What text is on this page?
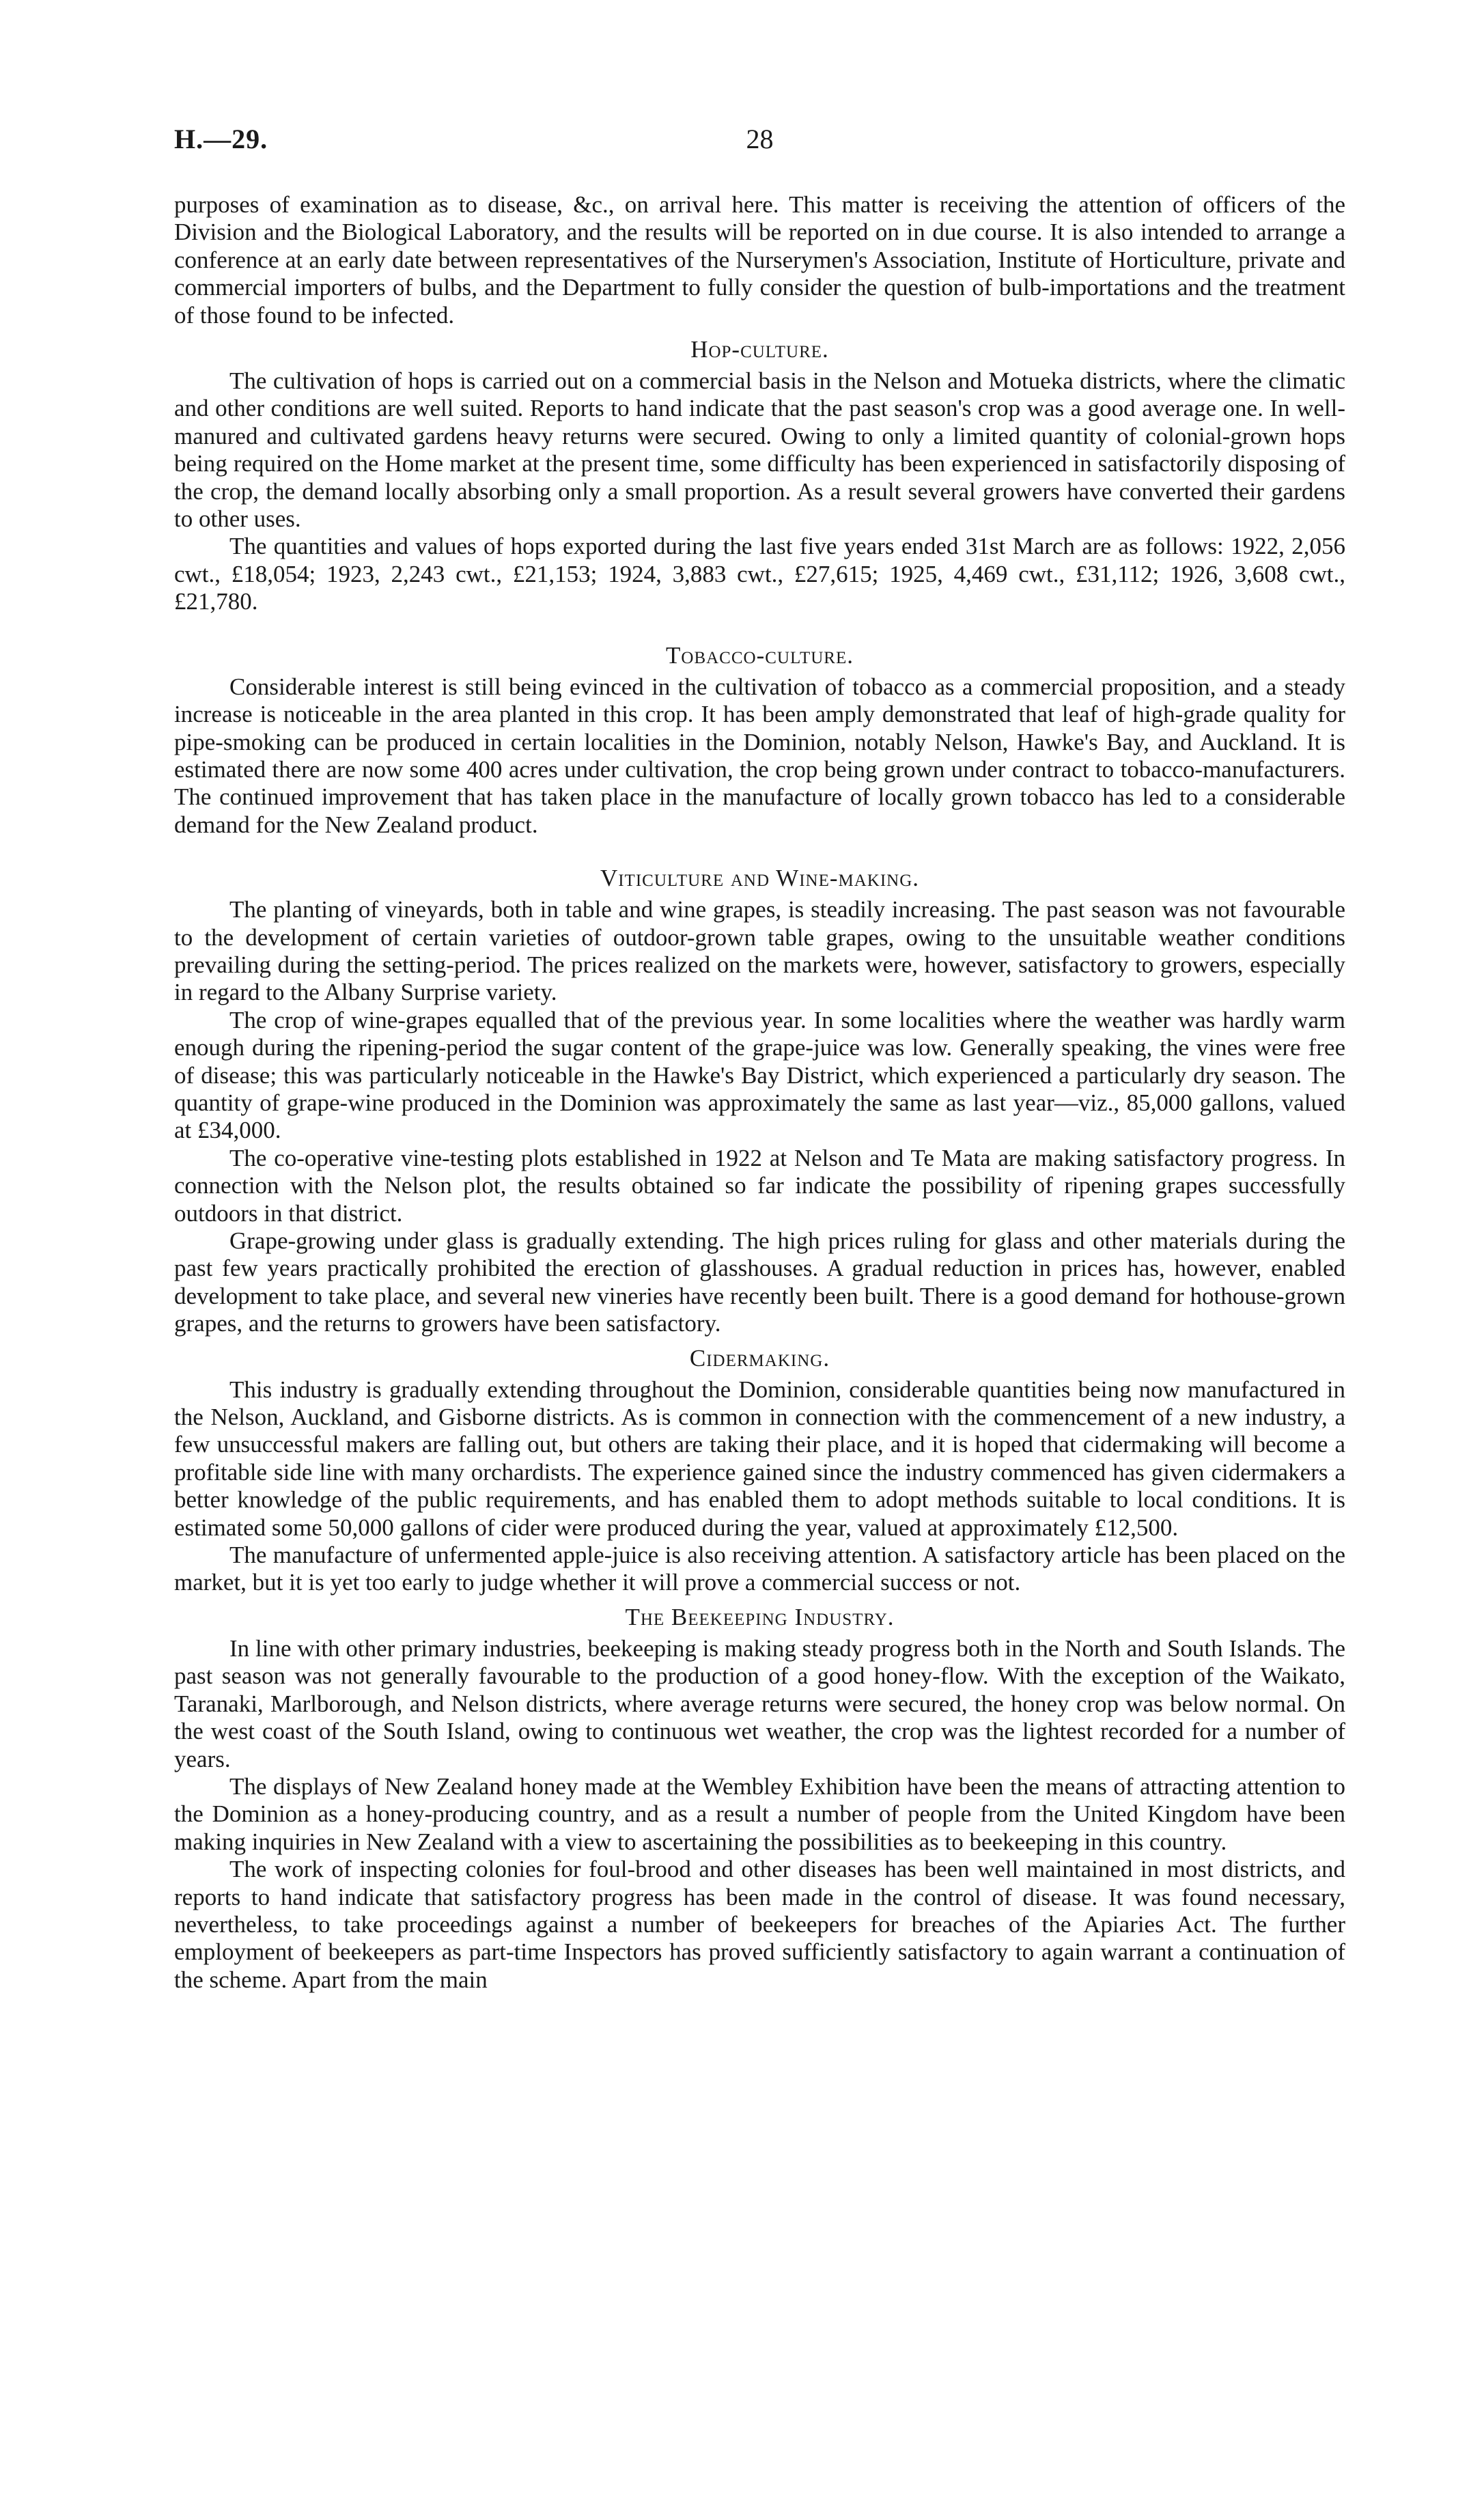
H.—29.	28

purposes of examination as to disease, &c., on arrival here. This matter is receiving the attention of officers of the Division and the Biological Laboratory, and the results will be reported on in due course. It is also intended to arrange a conference at an early date between representatives of the Nurserymen's Association, Institute of Horticulture, private and commercial importers of bulbs, and the Department to fully consider the question of bulb-importations and the treatment of those found to be infected.

Hop-culture.

The cultivation of hops is carried out on a commercial basis in the Nelson and Motueka districts, where the climatic and other conditions are well suited. Reports to hand indicate that the past season's crop was a good average one. In well-manured and cultivated gardens heavy returns were secured. Owing to only a limited quantity of colonial-grown hops being required on the Home market at the present time, some difficulty has been experienced in satisfactorily disposing of the crop, the demand locally absorbing only a small proportion. As a result several growers have converted their gardens to other uses.

The quantities and values of hops exported during the last five years ended 31st March are as follows: 1922, 2,056 cwt., £18,054; 1923, 2,243 cwt., £21,153; 1924, 3,883 cwt., £27,615; 1925, 4,469 cwt., £31,112; 1926, 3,608 cwt., £21,780.

Tobacco-culture.

Considerable interest is still being evinced in the cultivation of tobacco as a commercial proposition, and a steady increase is noticeable in the area planted in this crop. It has been amply demonstrated that leaf of high-grade quality for pipe-smoking can be produced in certain localities in the Dominion, notably Nelson, Hawke's Bay, and Auckland. It is estimated there are now some 400 acres under cultivation, the crop being grown under contract to tobacco-manufacturers. The continued improvement that has taken place in the manufacture of locally grown tobacco has led to a considerable demand for the New Zealand product.

Viticulture and Wine-making.

The planting of vineyards, both in table and wine grapes, is steadily increasing. The past season was not favourable to the development of certain varieties of outdoor-grown table grapes, owing to the unsuitable weather conditions prevailing during the setting-period. The prices realized on the markets were, however, satisfactory to growers, especially in regard to the Albany Surprise variety.

The crop of wine-grapes equalled that of the previous year. In some localities where the weather was hardly warm enough during the ripening-period the sugar content of the grape-juice was low. Generally speaking, the vines were free of disease; this was particularly noticeable in the Hawke's Bay District, which experienced a particularly dry season. The quantity of grape-wine produced in the Dominion was approximately the same as last year—viz., 85,000 gallons, valued at £34,000.

The co-operative vine-testing plots established in 1922 at Nelson and Te Mata are making satisfactory progress. In connection with the Nelson plot, the results obtained so far indicate the possibility of ripening grapes successfully outdoors in that district.

Grape-growing under glass is gradually extending. The high prices ruling for glass and other materials during the past few years practically prohibited the erection of glasshouses. A gradual reduction in prices has, however, enabled development to take place, and several new vineries have recently been built. There is a good demand for hothouse-grown grapes, and the returns to growers have been satisfactory.

Cidermaking.

This industry is gradually extending throughout the Dominion, considerable quantities being now manufactured in the Nelson, Auckland, and Gisborne districts. As is common in connection with the commencement of a new industry, a few unsuccessful makers are falling out, but others are taking their place, and it is hoped that cidermaking will become a profitable side line with many orchardists. The experience gained since the industry commenced has given cidermakers a better knowledge of the public requirements, and has enabled them to adopt methods suitable to local conditions. It is estimated some 50,000 gallons of cider were produced during the year, valued at approximately £12,500.

The manufacture of unfermented apple-juice is also receiving attention. A satisfactory article has been placed on the market, but it is yet too early to judge whether it will prove a commercial success or not.

The Beekeeping Industry.

In line with other primary industries, beekeeping is making steady progress both in the North and South Islands. The past season was not generally favourable to the production of a good honey-flow. With the exception of the Waikato, Taranaki, Marlborough, and Nelson districts, where average returns were secured, the honey crop was below normal. On the west coast of the South Island, owing to continuous wet weather, the crop was the lightest recorded for a number of years.

The displays of New Zealand honey made at the Wembley Exhibition have been the means of attracting attention to the Dominion as a honey-producing country, and as a result a number of people from the United Kingdom have been making inquiries in New Zealand with a view to ascertaining the possibilities as to beekeeping in this country.

The work of inspecting colonies for foul-brood and other diseases has been well maintained in most districts, and reports to hand indicate that satisfactory progress has been made in the control of disease. It was found necessary, nevertheless, to take proceedings against a number of beekeepers for breaches of the Apiaries Act. The further employment of beekeepers as part-time Inspectors has proved sufficiently satisfactory to again warrant a continuation of the scheme. Apart from the main
